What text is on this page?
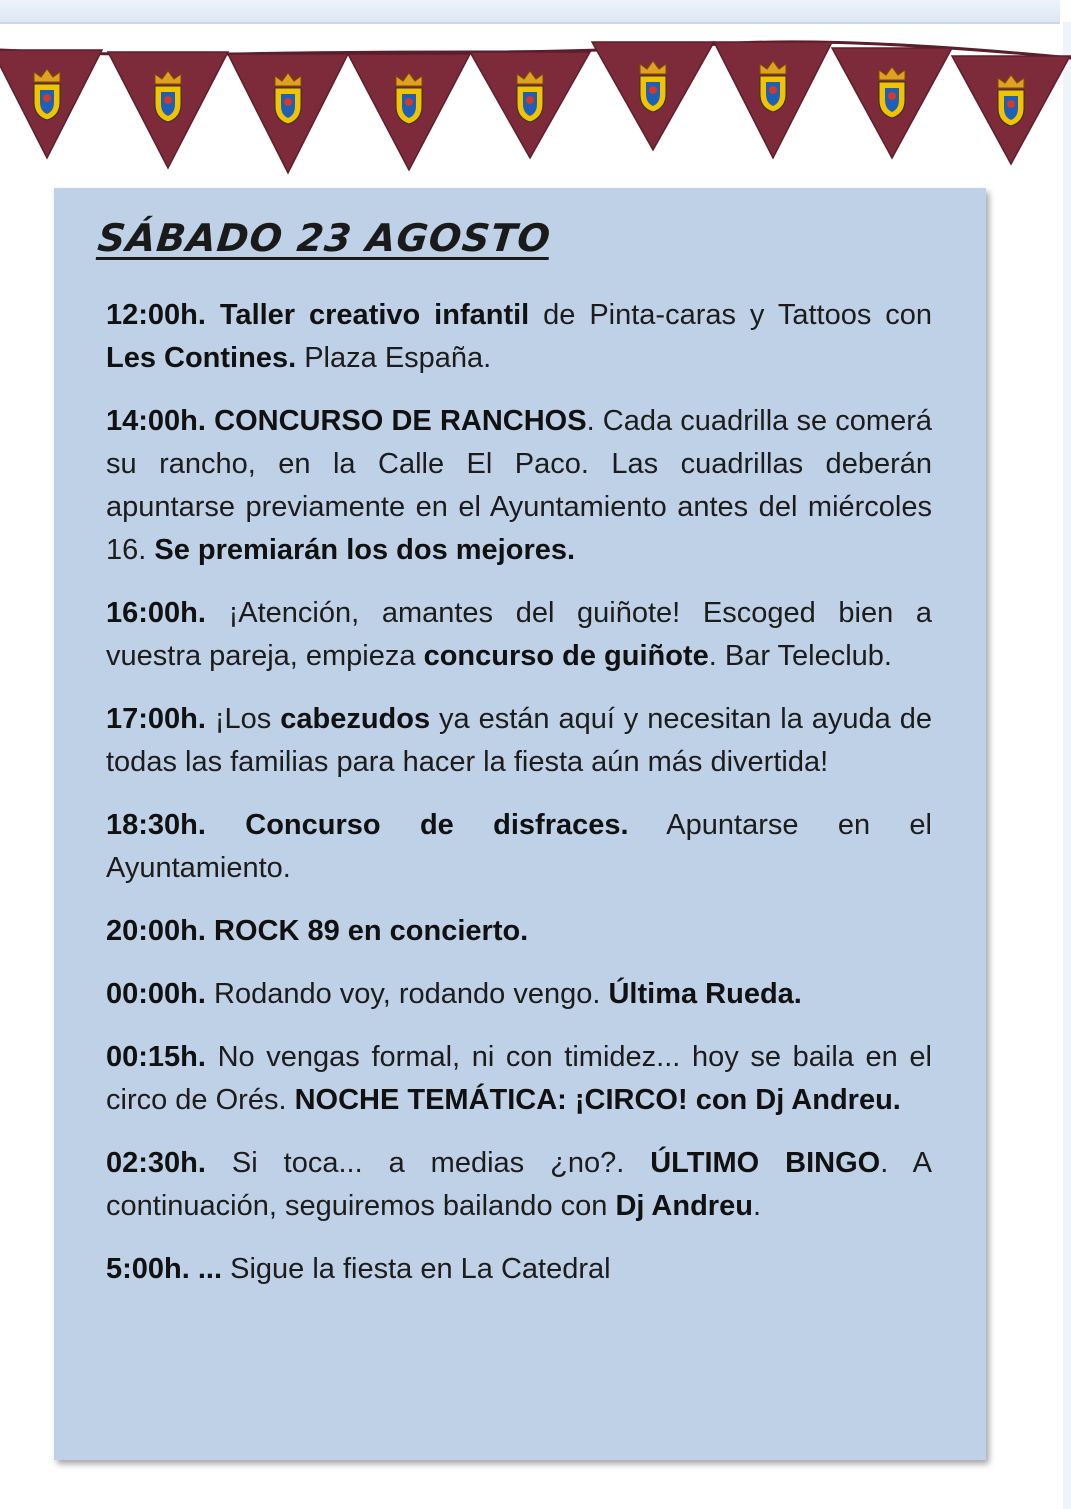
SÁBADO 23 AGOSTO

12:00h. Taller creativo infantil de Pinta-caras y Tattoos con Les Contines. Plaza España.

14:00h. CONCURSO DE RANCHOS. Cada cuadrilla se comerá su rancho, en la Calle El Paco. Las cuadrillas deberán apuntarse previamente en el Ayuntamiento antes del miércoles 16. Se premiarán los dos mejores.

16:00h. ¡Atención, amantes del guiñote! Escoged bien a vuestra pareja, empieza concurso de guiñote. Bar Teleclub.

17:00h. ¡Los cabezudos ya están aquí y necesitan la ayuda de todas las familias para hacer la fiesta aún más divertida!

18:30h. Concurso de disfraces. Apuntarse en el Ayuntamiento.

20:00h. ROCK 89 en concierto.

00:00h. Rodando voy, rodando vengo. Última Rueda.

00:15h. No vengas formal, ni con timidez... hoy se baila en el circo de Orés. NOCHE TEMÁTICA: ¡CIRCO! con Dj Andreu.

02:30h. Si toca... a medias ¿no?. ÚLTIMO BINGO. A continuación, seguiremos bailando con Dj Andreu.

5:00h. ... Sigue la fiesta en La Catedral
